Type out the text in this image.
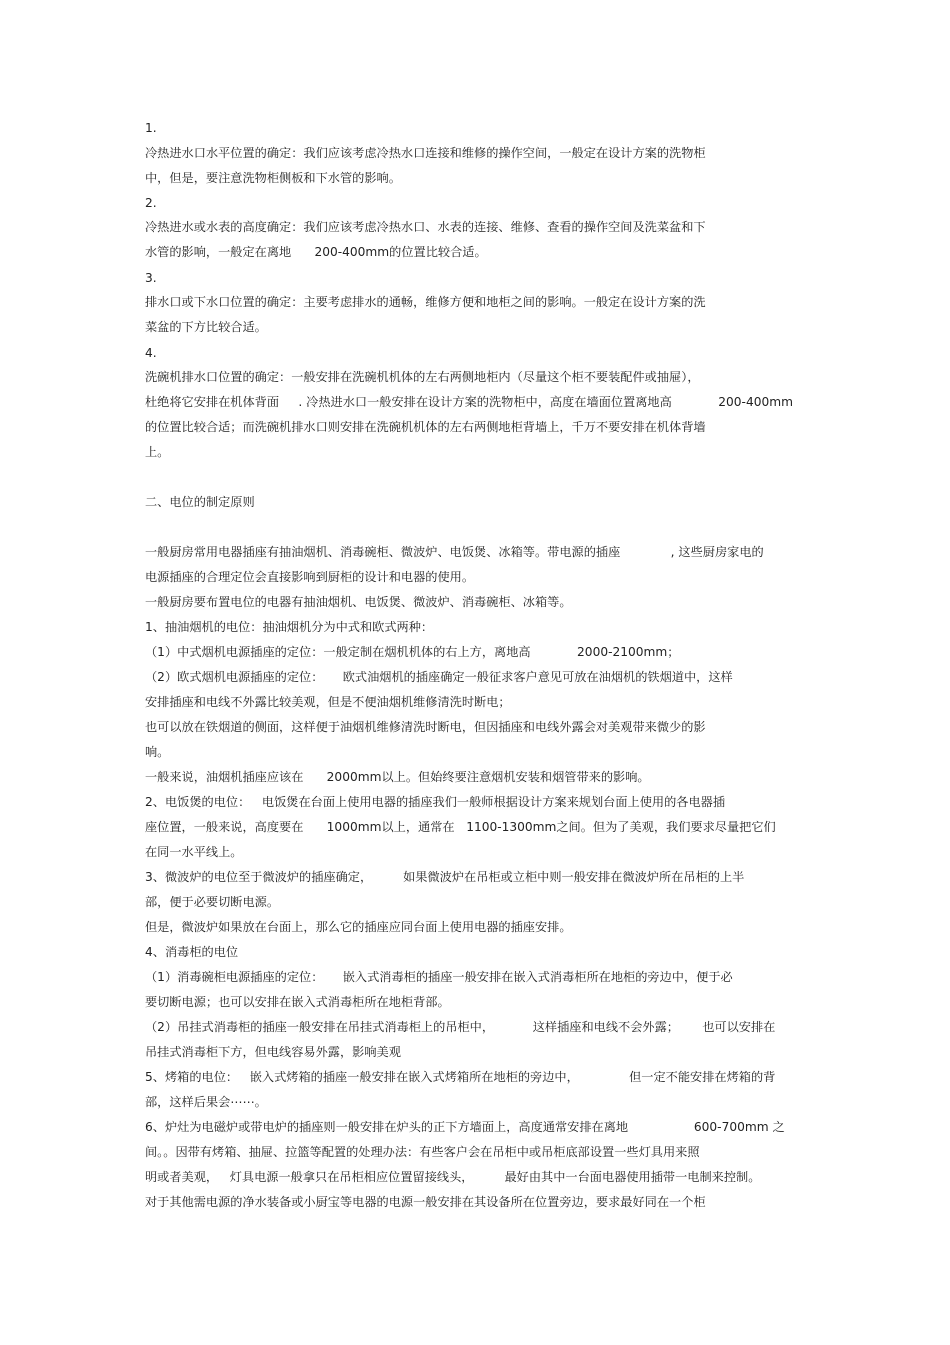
1.
冷热进水口水平位置的确定：我们应该考虑冷热水口连接和维修的操作空间，一般定在设计方案的洗物柜
中，但是，要注意洗物柜侧板和下水管的影响。
2.
冷热进水或水表的高度确定：我们应该考虑冷热水口、水表的连接、维修、查看的操作空间及洗菜盆和下
水管的影响，一般定在离地      200-400mm的位置比较合适。
3.
排水口或下水口位置的确定：主要考虑排水的通畅，维修方便和地柜之间的影响。一般定在设计方案的洗
菜盆的下方比较合适。
4.
洗碗机排水口位置的确定：一般安排在洗碗机机体的左右两侧地柜内（尽量这个柜不要装配件或抽屉），
杜绝将它安排在机体背面     . 冷热进水口一般安排在设计方案的洗物柜中，高度在墙面位置离地高            200-400mm
的位置比较合适；而洗碗机排水口则安排在洗碗机机体的左右两侧地柜背墙上，千万不要安排在机体背墙
上。
二、电位的制定原则
一般厨房常用电器插座有抽油烟机、消毒碗柜、微波炉、电饭煲、冰箱等。带电源的插座             , 这些厨房家电的
电源插座的合理定位会直接影响到厨柜的设计和电器的使用。
一般厨房要布置电位的电器有抽油烟机、电饭煲、微波炉、消毒碗柜、冰箱等。
1、抽油烟机的电位：抽油烟机分为中式和欧式两种：
（1）中式烟机电源插座的定位：一般定制在烟机机体的右上方，离地高            2000-2100mm；
（2）欧式烟机电源插座的定位：     欧式油烟机的插座确定一般征求客户意见可放在油烟机的铁烟道中，这样
安排插座和电线不外露比较美观，但是不便油烟机维修清洗时断电；
也可以放在铁烟道的侧面，这样便于油烟机维修清洗时断电，但因插座和电线外露会对美观带来微少的影
响。
一般来说，油烟机插座应该在      2000mm以上。但始终要注意烟机安装和烟管带来的影响。
2、电饭煲的电位：   电饭煲在台面上使用电器的插座我们一般师根据设计方案来规划台面上使用的各电器插
座位置，一般来说，高度要在      1000mm以上，通常在   1100-1300mm之间。但为了美观，我们要求尽量把它们
在同一水平线上。
3、微波炉的电位至于微波炉的插座确定，        如果微波炉在吊柜或立柜中则一般安排在微波炉所在吊柜的上半
部，便于必要切断电源。
但是，微波炉如果放在台面上，那么它的插座应同台面上使用电器的插座安排。
4、消毒柜的电位
（1）消毒碗柜电源插座的定位：     嵌入式消毒柜的插座一般安排在嵌入式消毒柜所在地柜的旁边中，便于必
要切断电源；也可以安排在嵌入式消毒柜所在地柜背部。
（2）吊挂式消毒柜的插座一般安排在吊挂式消毒柜上的吊柜中，          这样插座和电线不会外露；      也可以安排在
吊挂式消毒柜下方，但电线容易外露，影响美观
5、烤箱的电位：   嵌入式烤箱的插座一般安排在嵌入式烤箱所在地柜的旁边中，             但一定不能安排在烤箱的背
部，这样后果会⋯⋯。
6、炉灶为电磁炉或带电炉的插座则一般安排在炉头的正下方墙面上，高度通常安排在离地                 600-700mm 之
间。。因带有烤箱、抽屉、拉篮等配置的处理办法：有些客户会在吊柜中或吊柜底部设置一些灯具用来照
明或者美观，   灯具电源一般拿只在吊柜相应位置留接线头，        最好由其中一台面电器使用插带一电制来控制。
对于其他需电源的净水装备或小厨宝等电器的电源一般安排在其设备所在位置旁边，要求最好同在一个柜
